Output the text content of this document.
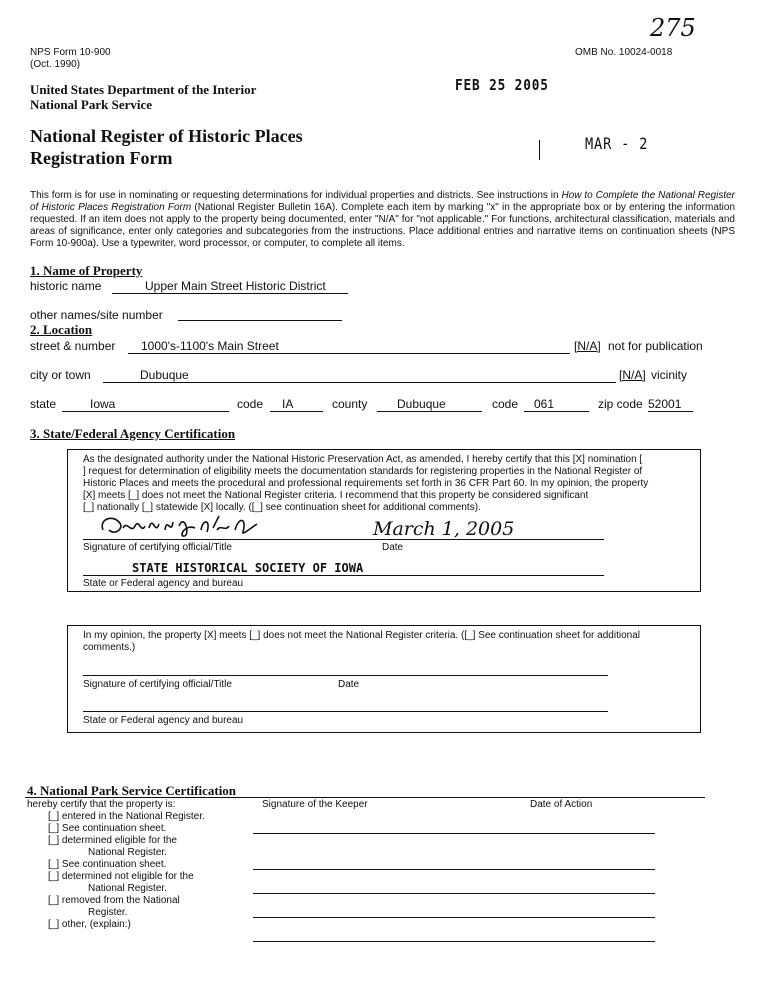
NPS Form 10-900
(Oct. 1990)
OMB No. 10024-0018
275
FEB 25 2005
United States Department of the Interior
National Park Service
National Register of Historic Places
Registration Form
MAR - 2
This form is for use in nominating or requesting determinations for individual properties and districts. See instructions in How to Complete the National Register of Historic Places Registration Form (National Register Bulletin 16A). Complete each item by marking "x" in the appropriate box or by entering the information requested. If an item does not apply to the property being documented, enter "N/A" for "not applicable." For functions, architectural classification, materials and areas of significance, enter only categories and subcategories from the instructions. Place additional entries and narrative items on continuation sheets (NPS Form 10-900a). Use a typewriter, word processor, or computer, to complete all items.
1. Name of Property
historic name	Upper Main Street Historic District
other names/site number
2. Location
street & number	1000's-1100's Main Street	[N/A] not for publication
city or town	Dubuque	[N/A] vicinity
state	Iowa	code	IA	county	Dubuque	code	061	zip code 52001
3. State/Federal Agency Certification
As the designated authority under the National Historic Preservation Act, as amended, I hereby certify that this [X] nomination [
] request for determination of eligibility meets the documentation standards for registering properties in the National Register of
Historic Places and meets the procedural and professional requirements set forth in 36 CFR Part 60. In my opinion, the property
[X] meets [_] does not meet the National Register criteria. I recommend that this property be considered significant
[_] nationally [_] statewide [X] locally. ([_] see continuation sheet for additional comments).
March 1, 2005
Signature of certifying official/Title	Date
STATE HISTORICAL SOCIETY OF IOWA
State or Federal agency and bureau
In my opinion, the property [X] meets [_] does not meet the National Register criteria. ([_] See continuation sheet for additional
comments.)
Signature of certifying official/Title	Date
State or Federal agency and bureau
4. National Park Service Certification
hereby certify that the property is:	Signature of the Keeper	Date of Action
[_] entered in the National Register.
[_] See continuation sheet.
[_] determined eligible for the
National Register.
[_] See continuation sheet.
[_] determined not eligible for the
National Register.
[_] removed from the National
Register.
[_] other, (explain:)
